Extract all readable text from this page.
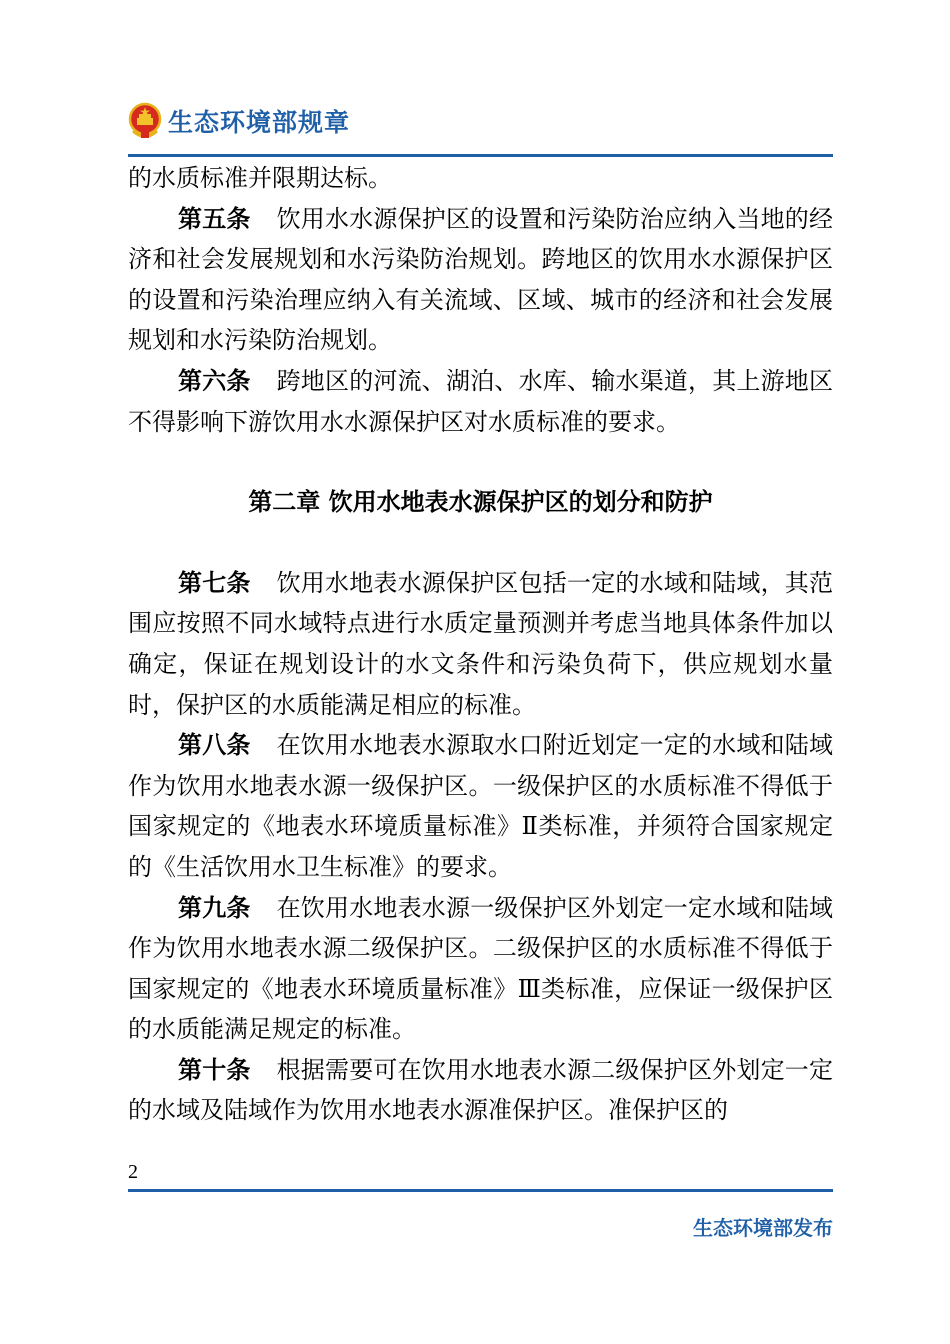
生态环境部规章

的水质标准并限期达标。

第五条 饮用水水源保护区的设置和污染防治应纳入当地的经济和社会发展规划和水污染防治规划。跨地区的饮用水水源保护区的设置和污染治理应纳入有关流域、区域、城市的经济和社会发展规划和水污染防治规划。

第六条 跨地区的河流、湖泊、水库、输水渠道，其上游地区不得影响下游饮用水水源保护区对水质标准的要求。

第二章 饮用水地表水源保护区的划分和防护

第七条 饮用水地表水源保护区包括一定的水域和陆域，其范围应按照不同水域特点进行水质定量预测并考虑当地具体条件加以确定，保证在规划设计的水文条件和污染负荷下，供应规划水量时，保护区的水质能满足相应的标准。

第八条 在饮用水地表水源取水口附近划定一定的水域和陆域作为饮用水地表水源一级保护区。一级保护区的水质标准不得低于国家规定的《地表水环境质量标准》Ⅱ类标准，并须符合国家规定的《生活饮用水卫生标准》的要求。

第九条 在饮用水地表水源一级保护区外划定一定水域和陆域作为饮用水地表水源二级保护区。二级保护区的水质标准不得低于国家规定的《地表水环境质量标准》Ⅲ类标准，应保证一级保护区的水质能满足规定的标准。

第十条 根据需要可在饮用水地表水源二级保护区外划定一定的水域及陆域作为饮用水地表水源准保护区。准保护区的

2
生态环境部发布
